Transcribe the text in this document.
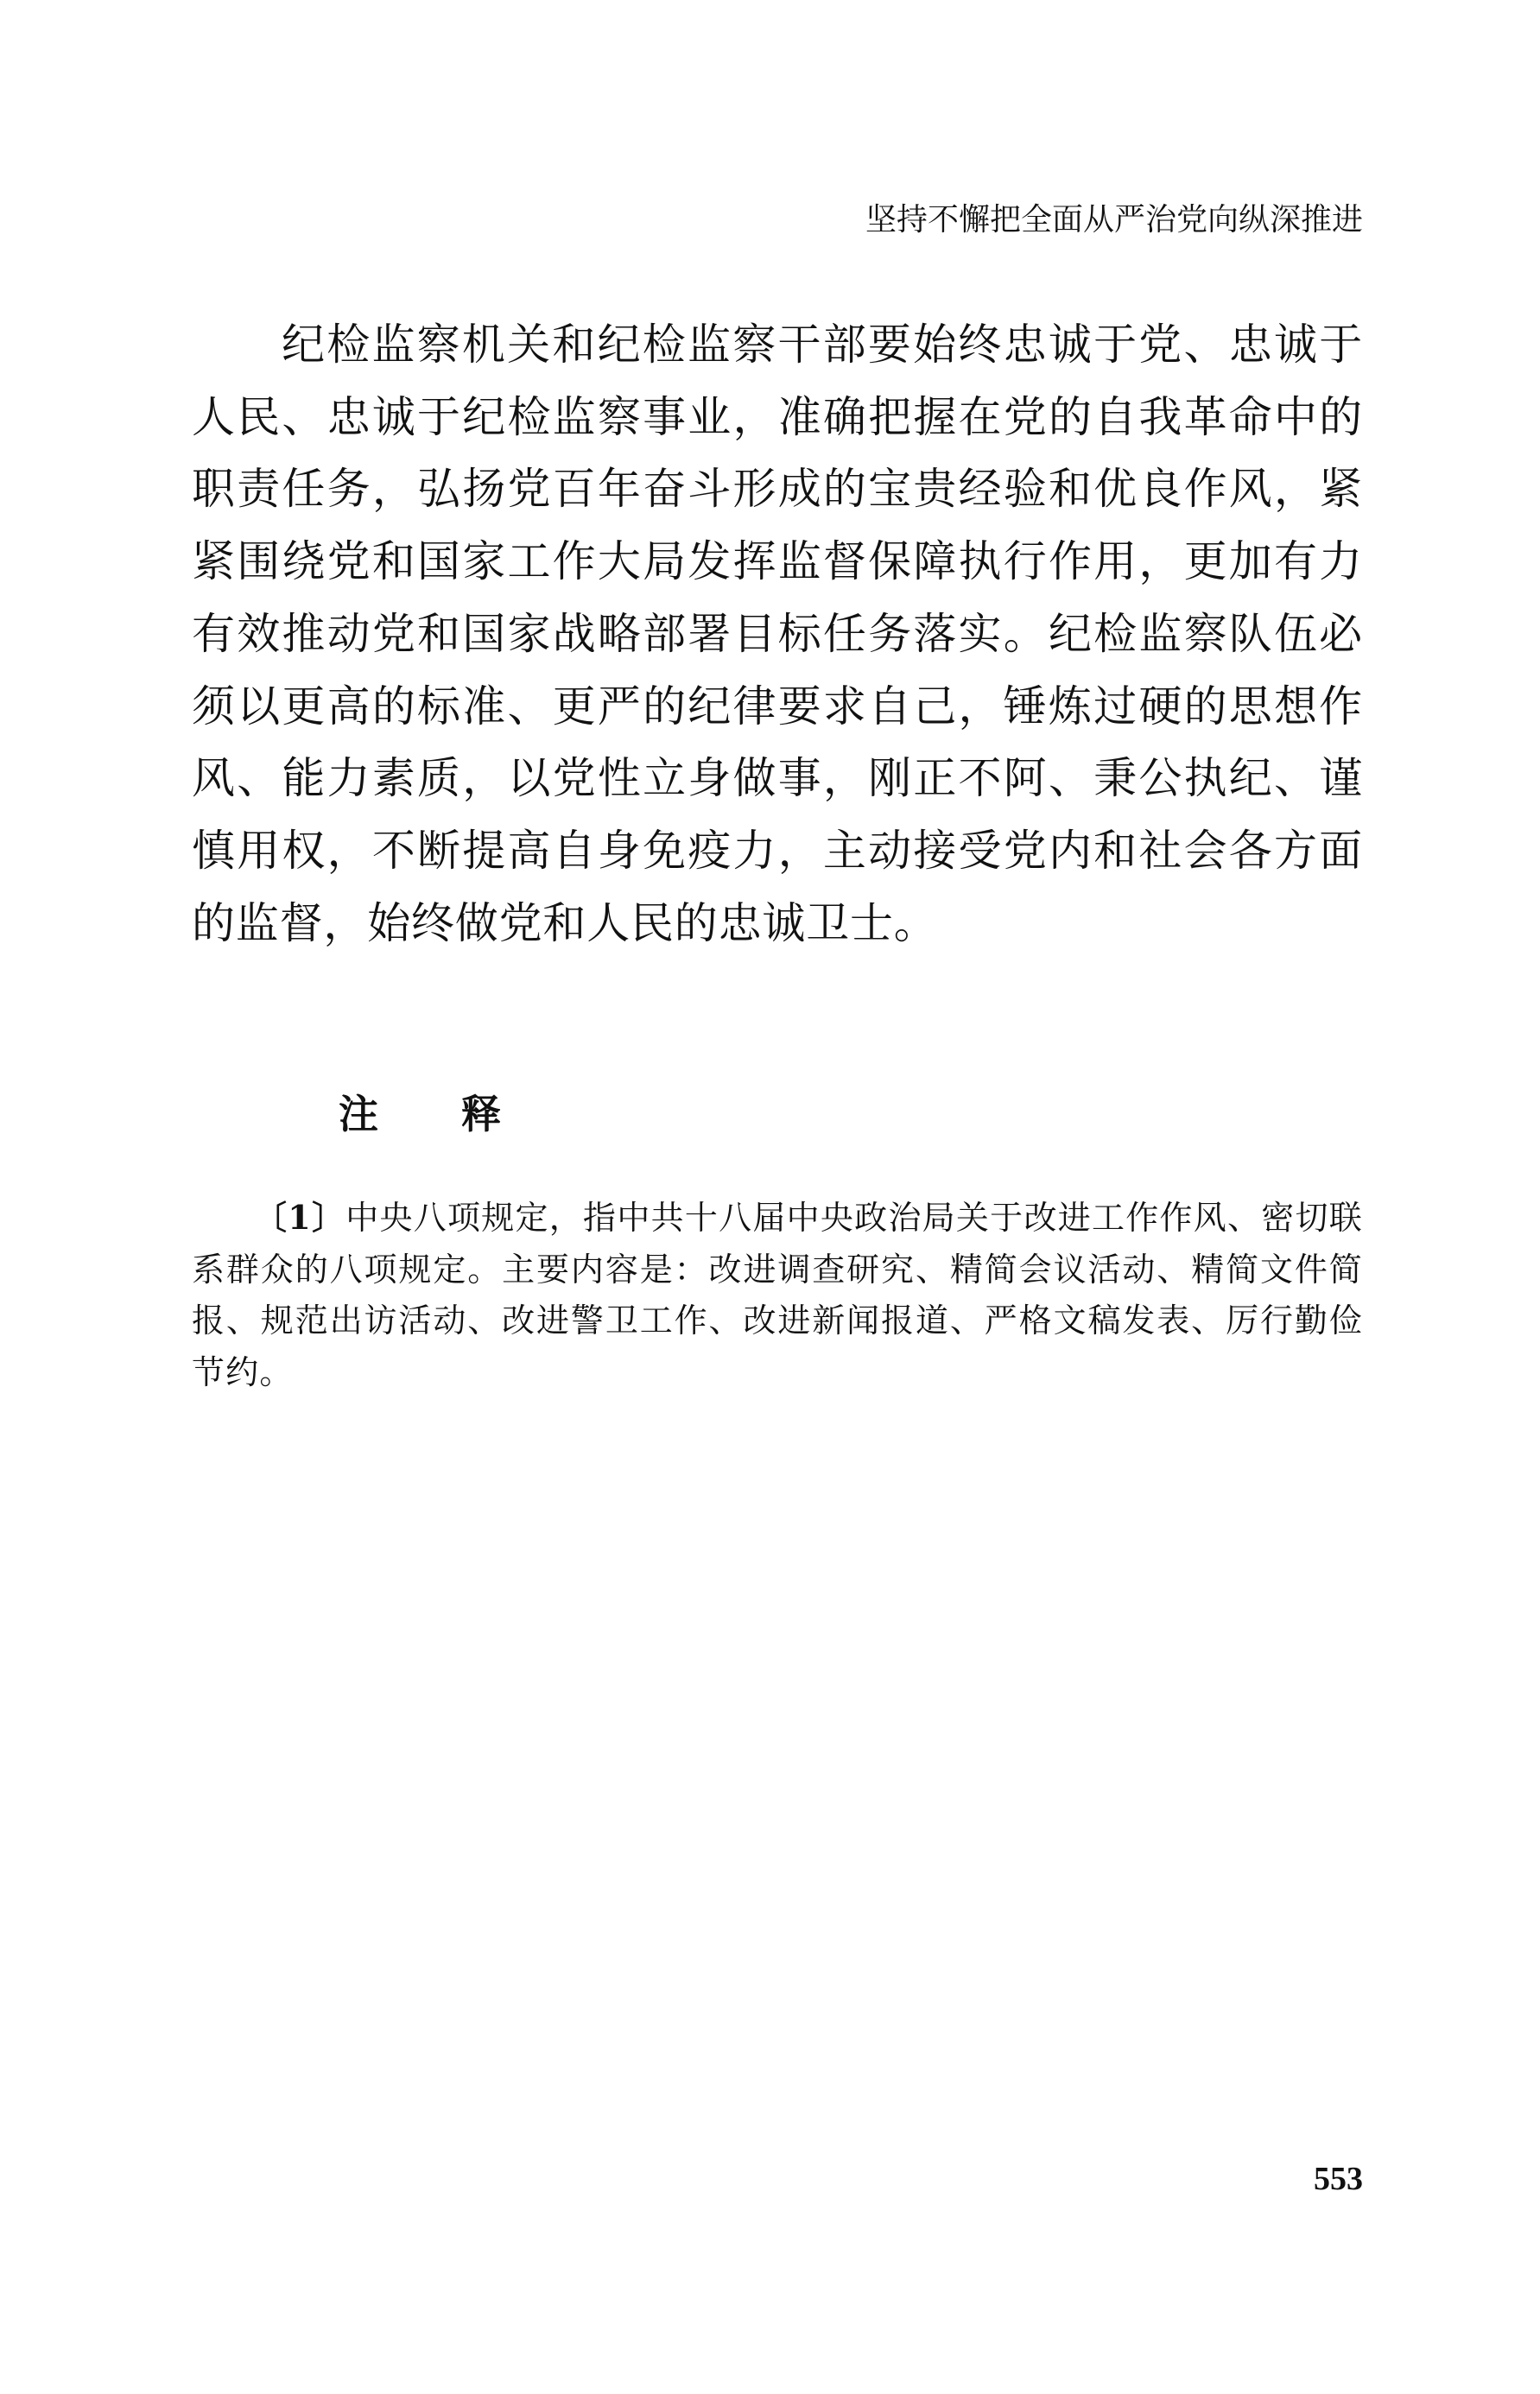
坚持不懈把全面从严治党向纵深推进

纪检监察机关和纪检监察干部要始终忠诚于党、忠诚于人民、忠诚于纪检监察事业，准确把握在党的自我革命中的职责任务，弘扬党百年奋斗形成的宝贵经验和优良作风，紧紧围绕党和国家工作大局发挥监督保障执行作用，更加有力有效推动党和国家战略部署目标任务落实。纪检监察队伍必须以更高的标准、更严的纪律要求自己，锤炼过硬的思想作风、能力素质，以党性立身做事，刚正不阿、秉公执纪、谨慎用权，不断提高自身免疫力，主动接受党内和社会各方面的监督，始终做党和人民的忠诚卫士。

注释

〔1〕中央八项规定，指中共十八届中央政治局关于改进工作作风、密切联系群众的八项规定。主要内容是：改进调查研究、精简会议活动、精简文件简报、规范出访活动、改进警卫工作、改进新闻报道、严格文稿发表、厉行勤俭节约。

553
